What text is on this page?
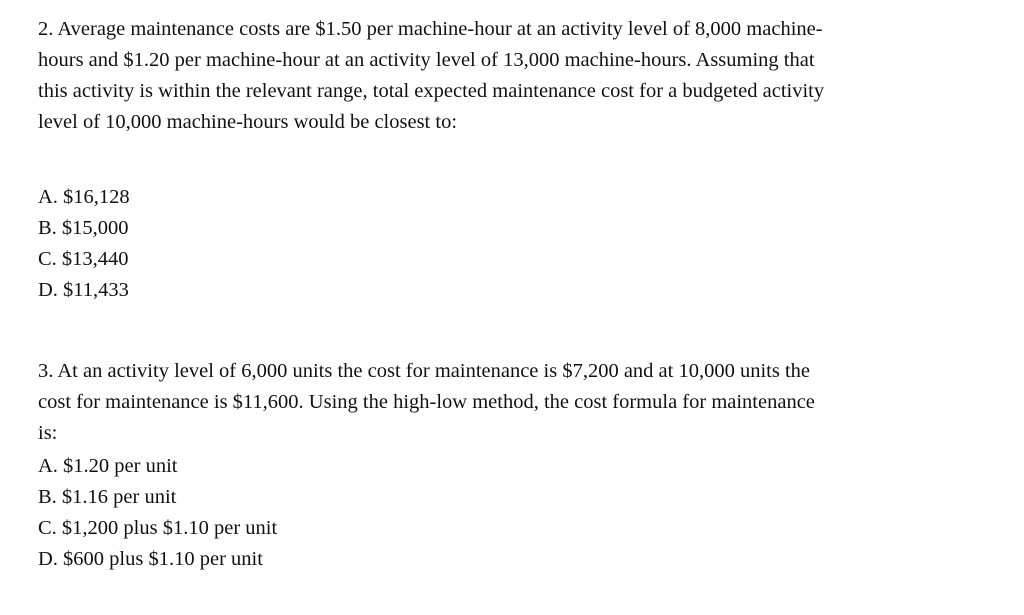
2. Average maintenance costs are $1.50 per machine-hour at an activity level of 8,000 machine-
hours and $1.20 per machine-hour at an activity level of 13,000 machine-hours. Assuming that
this activity is within the relevant range, total expected maintenance cost for a budgeted activity
level of 10,000 machine-hours would be closest to:
A. $16,128
B. $15,000
C. $13,440
D. $11,433
3. At an activity level of 6,000 units the cost for maintenance is $7,200 and at 10,000 units the
cost for maintenance is $11,600. Using the high-low method, the cost formula for maintenance
is:
A. $1.20 per unit
B. $1.16 per unit
C. $1,200 plus $1.10 per unit
D. $600 plus $1.10 per unit
